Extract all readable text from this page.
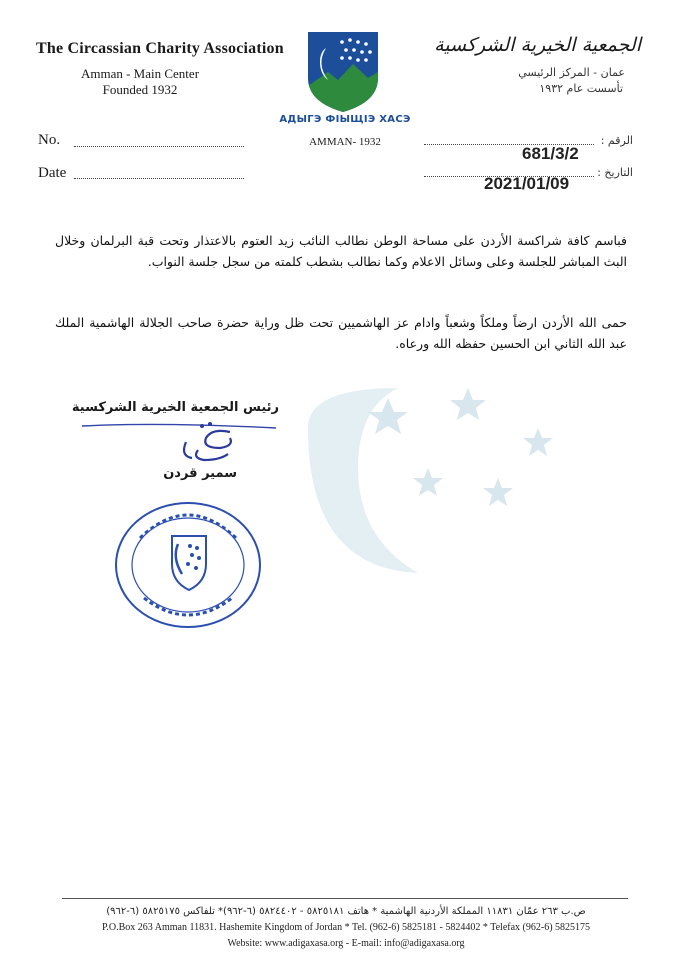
The Circassian Charity Association
Amman - Main Center
Founded 1932
الجمعية الخيرية الشركسية
عمان - المركز الرئيسي
تأسست عام ١٩٣٢
АДЫГЭ ФIЫЩIЭ ХАСЭ
AMMAN- 1932
No.
Date
الرقم :
681/3/2
التاريخ :
2021/01/09
فباسم كافة شراكسة الأردن على مساحة الوطن نطالب النائب زيد العتوم بالاعتذار وتحت قبة البرلمان وخلال البث المباشر للجلسة وعلى وسائل الاعلام وكما نطالب بشطب كلمته من سجل جلسة النواب.
حمى الله الأردن ارضاً وملكاً وشعباً وادام عز الهاشميين تحت ظل وراية حضرة صاحب الجلالة الهاشمية الملك عبد الله الثاني ابن الحسين حفظه الله ورعاه.
رئيس الجمعية الخيرية الشركسية
سمير قردن
ص.ب ٢٦٣ عمّان ١١٨٣١ المملكة الأردنية الهاشمية * هاتف ٥٨٢٥١٨١ - ٥٨٢٤٤٠٢ (٦-٩٦٢)* تلفاكس ٥٨٢٥١٧٥ (٦-٩٦٢)
P.O.Box 263 Amman 11831. Hashemite Kingdom of Jordan * Tel. (962-6) 5825181 - 5824402 * Telefax (962-6) 5825175
Website: www.adigaxasa.org - E-mail: info@adigaxasa.org
